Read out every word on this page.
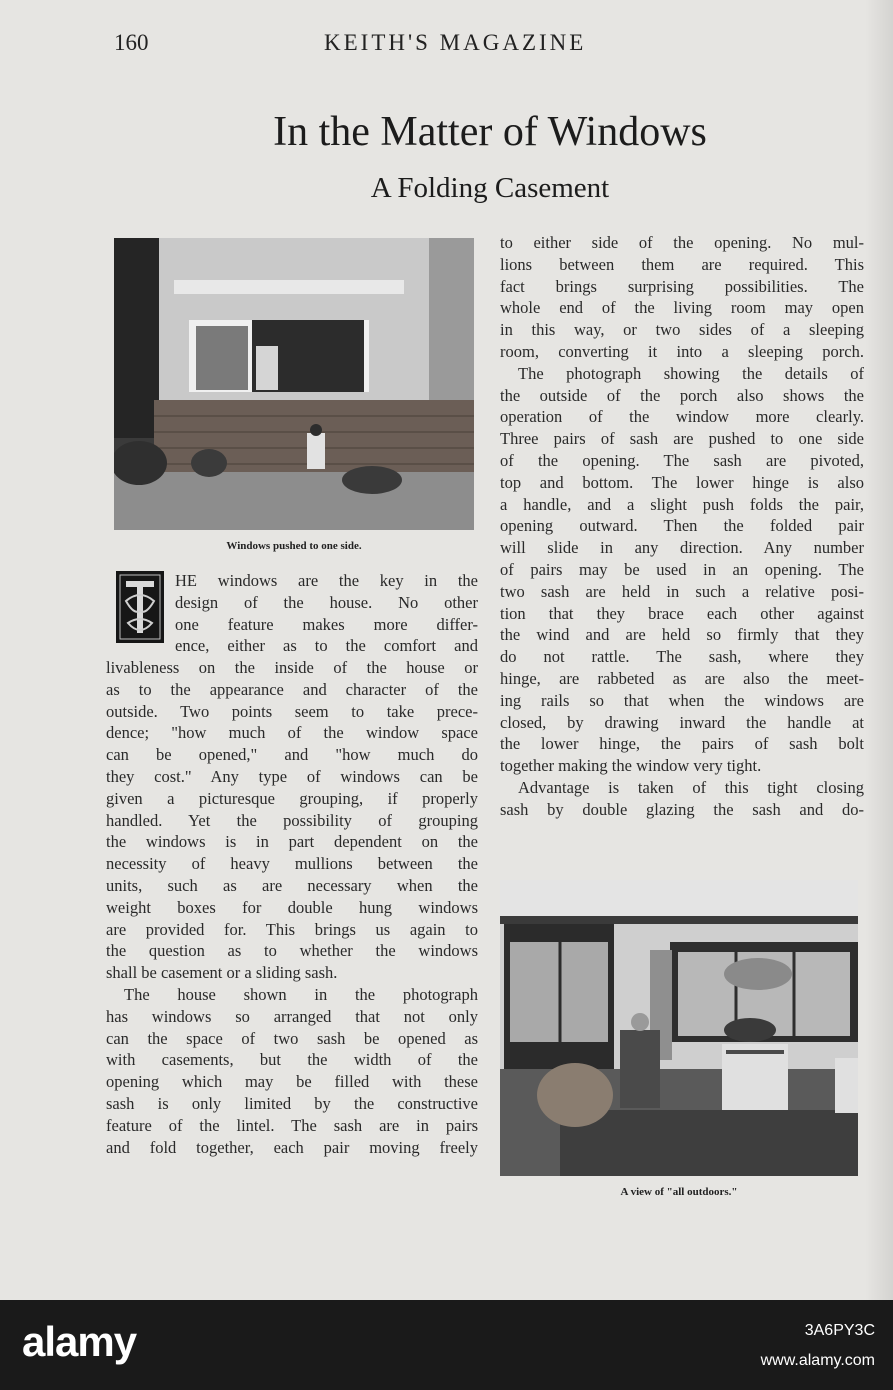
160	KEITH'S MAGAZINE
In the Matter of Windows
A Folding Casement
Windows pushed to one side.

HE windows are the key in the

design of the house. No other

one feature makes more differ-

ence, either as to the comfort and

livableness on the inside of the house or

as to the appearance and character of the

outside. Two points seem to take prece-

dence; "how much of the window space

can be opened," and "how much do

they cost." Any type of windows can be

given a picturesque grouping, if properly

handled. Yet the possibility of grouping

the windows is in part dependent on the

necessity of heavy mullions between the

units, such as are necessary when the

weight boxes for double hung windows

are provided for. This brings us again to

the question as to whether the windows

shall be casement or a sliding sash.

The house shown in the photograph

has windows so arranged that not only

can the space of two sash be opened as

with casements, but the width of the

opening which may be filled with these

sash is only limited by the constructive

feature of the lintel. The sash are in pairs

and fold together, each pair moving freely

to either side of the opening. No mul-

lions between them are required. This

fact brings surprising possibilities. The

whole end of the living room may open

in this way, or two sides of a sleeping

room, converting it into a sleeping porch.

The photograph showing the details of

the outside of the porch also shows the

operation of the window more clearly.

Three pairs of sash are pushed to one side

of the opening. The sash are pivoted,

top and bottom. The lower hinge is also

a handle, and a slight push folds the pair,

opening outward. Then the folded pair

will slide in any direction. Any number

of pairs may be used in an opening. The

two sash are held in such a relative posi-

tion that they brace each other against

the wind and are held so firmly that they

do not rattle. The sash, where they

hinge, are rabbeted as are also the meet-

ing rails so that when the windows are

closed, by drawing inward the handle at

the lower hinge, the pairs of sash bolt

together making the window very tight.

Advantage is taken of this tight closing

sash by double glazing the sash and do-

A view of "all outdoors."
alamy	3A6PY3C
www.alamy.com
